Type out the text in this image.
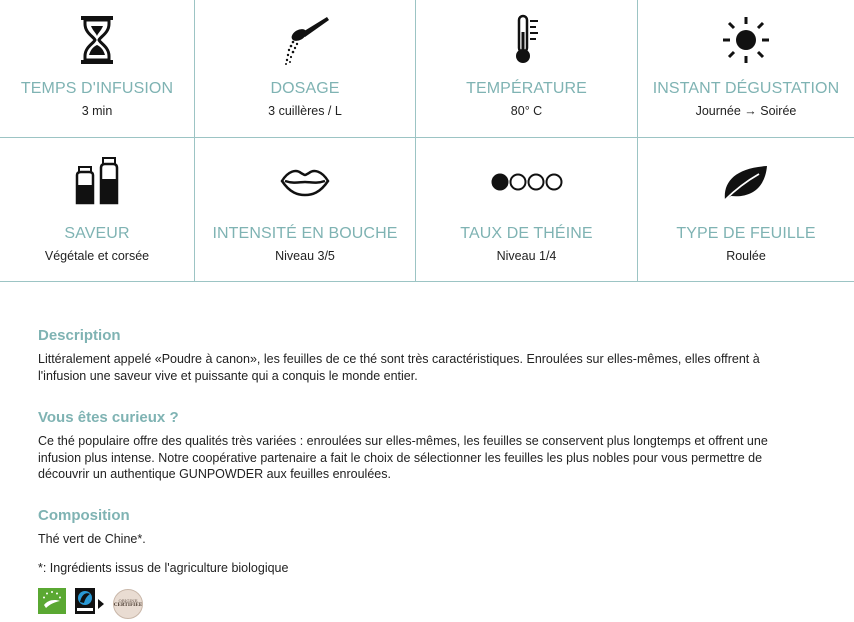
TEMPS D'INFUSION
3 min
DOSAGE
3 cuillères / L
TEMPÉRATURE
80° C
INSTANT DÉGUSTATION
Journée → Soirée
SAVEUR
Végétale et corsée
INTENSITÉ EN BOUCHE
Niveau 3/5
TAUX DE THÉINE
Niveau 1/4
TYPE DE FEUILLE
Roulée
Description

Littéralement appelé «Poudre à canon», les feuilles de ce thé sont très caractéristiques. Enroulées sur elles-mêmes, elles offrent à l'infusion une saveur vive et puissante qui a conquis le monde entier.

Vous êtes curieux ?

Ce thé populaire offre des qualités très variées : enroulées sur elles-mêmes, les feuilles se conservent plus longtemps et offrent une infusion plus intense. Notre coopérative partenaire a fait le choix de sélectionner les feuilles les plus nobles pour vous permettre de découvrir un authentique GUNPOWDER aux feuilles enroulées.

Composition

Thé vert de Chine*.

*: Ingrédients issus de l'agriculture biologique

ORIGINE
CERTIFIÉE
